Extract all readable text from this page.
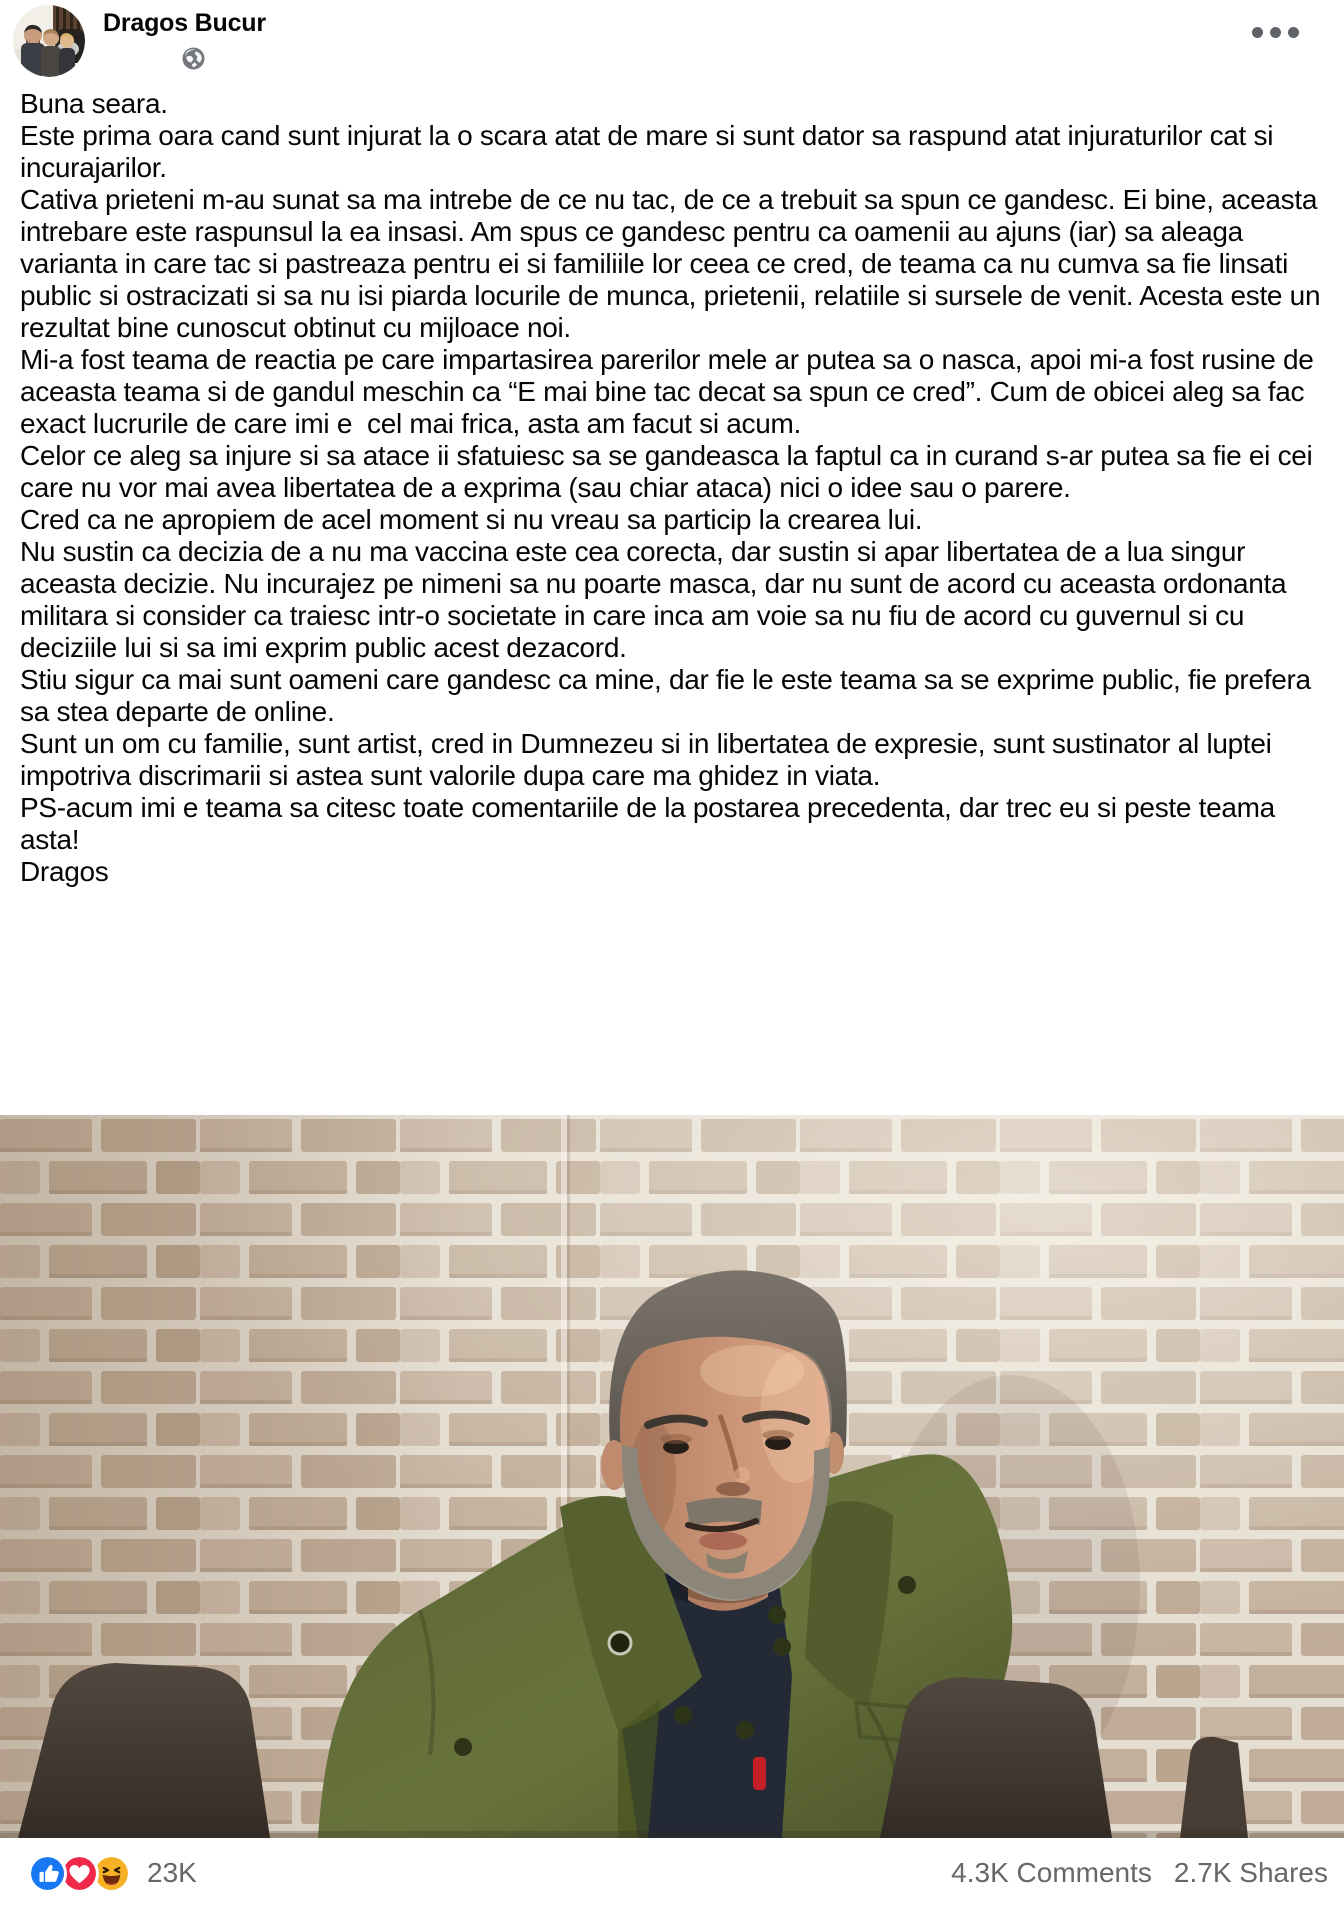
Dragos Bucur

Buna seara.

Este prima oara cand sunt injurat la o scara atat de mare si sunt dator sa raspund atat injuraturilor cat si incurajarilor.

Cativa prieteni m-au sunat sa ma intrebe de ce nu tac, de ce a trebuit sa spun ce gandesc. Ei bine, aceasta intrebare este raspunsul la ea insasi. Am spus ce gandesc pentru ca oamenii au ajuns (iar) sa aleaga varianta in care tac si pastreaza pentru ei si familiile lor ceea ce cred, de teama ca nu cumva sa fie linsati public si ostracizati si sa nu isi piarda locurile de munca, prietenii, relatiile si sursele de venit. Acesta este un rezultat bine cunoscut obtinut cu mijloace noi.

Mi-a fost teama de reactia pe care impartasirea parerilor mele ar putea sa o nasca, apoi mi-a fost rusine de aceasta teama si de gandul meschin ca “E mai bine tac decat sa spun ce cred”. Cum de obicei aleg sa fac exact lucrurile de care imi e  cel mai frica, asta am facut si acum.

Celor ce aleg sa injure si sa atace ii sfatuiesc sa se gandeasca la faptul ca in curand s-ar putea sa fie ei cei care nu vor mai avea libertatea de a exprima (sau chiar ataca) nici o idee sau o parere.

Cred ca ne apropiem de acel moment si nu vreau sa particip la crearea lui.

Nu sustin ca decizia de a nu ma vaccina este cea corecta, dar sustin si apar libertatea de a lua singur aceasta decizie. Nu incurajez pe nimeni sa nu poarte masca, dar nu sunt de acord cu aceasta ordonanta militara si consider ca traiesc intr-o societate in care inca am voie sa nu fiu de acord cu guvernul si cu deciziile lui si sa imi exprim public acest dezacord.

Stiu sigur ca mai sunt oameni care gandesc ca mine, dar fie le este teama sa se exprime public, fie prefera sa stea departe de online.

Sunt un om cu familie, sunt artist, cred in Dumnezeu si in libertatea de expresie, sunt sustinator al luptei impotriva discrimarii si astea sunt valorile dupa care ma ghidez in viata.

PS-acum imi e teama sa citesc toate comentariile de la postarea precedenta, dar trec eu si peste teama asta!

Dragos

23K	4.3K Comments 2.7K Shares
